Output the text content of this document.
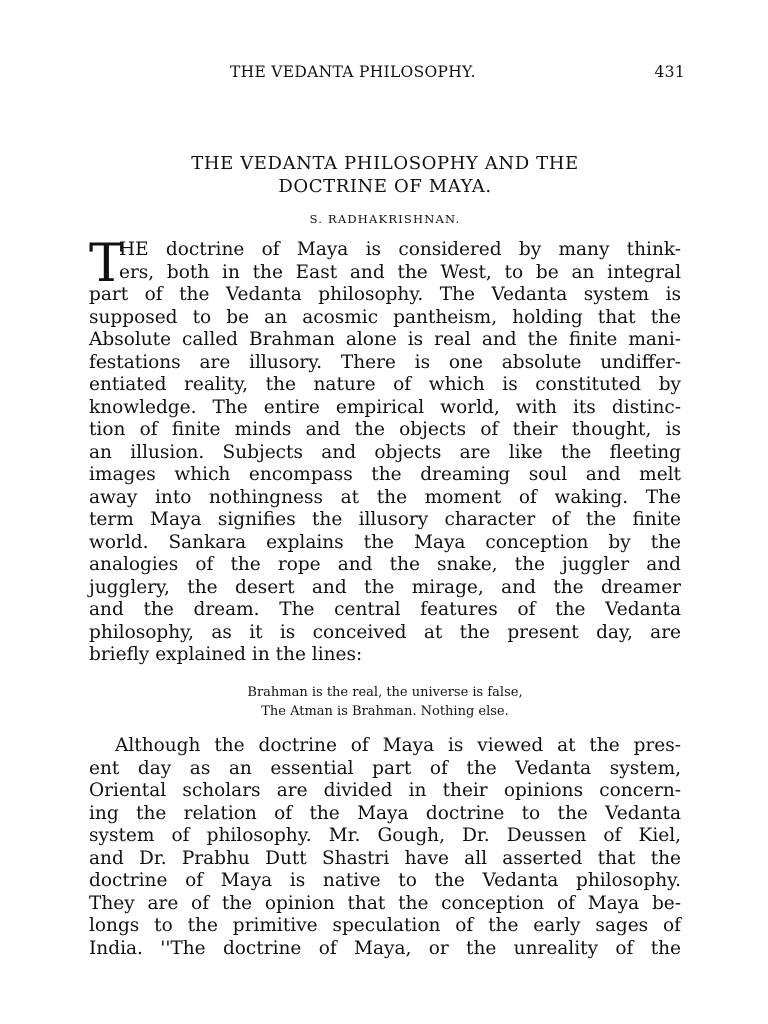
THE VEDANTA PHILOSOPHY.	431
THE VEDANTA PHILOSOPHY AND THE
DOCTRINE OF MAYA.
S. RADHAKRISHNAN.
T
HE doctrine of Maya is considered by many think-
ers, both in the East and the West, to be an integral
part of the Vedanta philosophy. The Vedanta system is
supposed to be an acosmic pantheism, holding that the
Absolute called Brahman alone is real and the finite mani-
festations are illusory. There is one absolute undiffer-
entiated reality, the nature of which is constituted by
knowledge. The entire empirical world, with its distinc-
tion of finite minds and the objects of their thought, is
an illusion. Subjects and objects are like the fleeting
images which encompass the dreaming soul and melt
away into nothingness at the moment of waking. The
term Maya signifies the illusory character of the finite
world. Sankara explains the Maya conception by the
analogies of the rope and the snake, the juggler and
jugglery, the desert and the mirage, and the dreamer
and the dream. The central features of the Vedanta
philosophy, as it is conceived at the present day, are
briefly explained in the lines:
Brahman is the real, the universe is false,
The Atman is Brahman. Nothing else.
Although the doctrine of Maya is viewed at the pres-
ent day as an essential part of the Vedanta system,
Oriental scholars are divided in their opinions concern-
ing the relation of the Maya doctrine to the Vedanta
system of philosophy. Mr. Gough, Dr. Deussen of Kiel,
and Dr. Prabhu Dutt Shastri have all asserted that the
doctrine of Maya is native to the Vedanta philosophy.
They are of the opinion that the conception of Maya be-
longs to the primitive speculation of the early sages of
India. ''The doctrine of Maya, or the unreality of the
